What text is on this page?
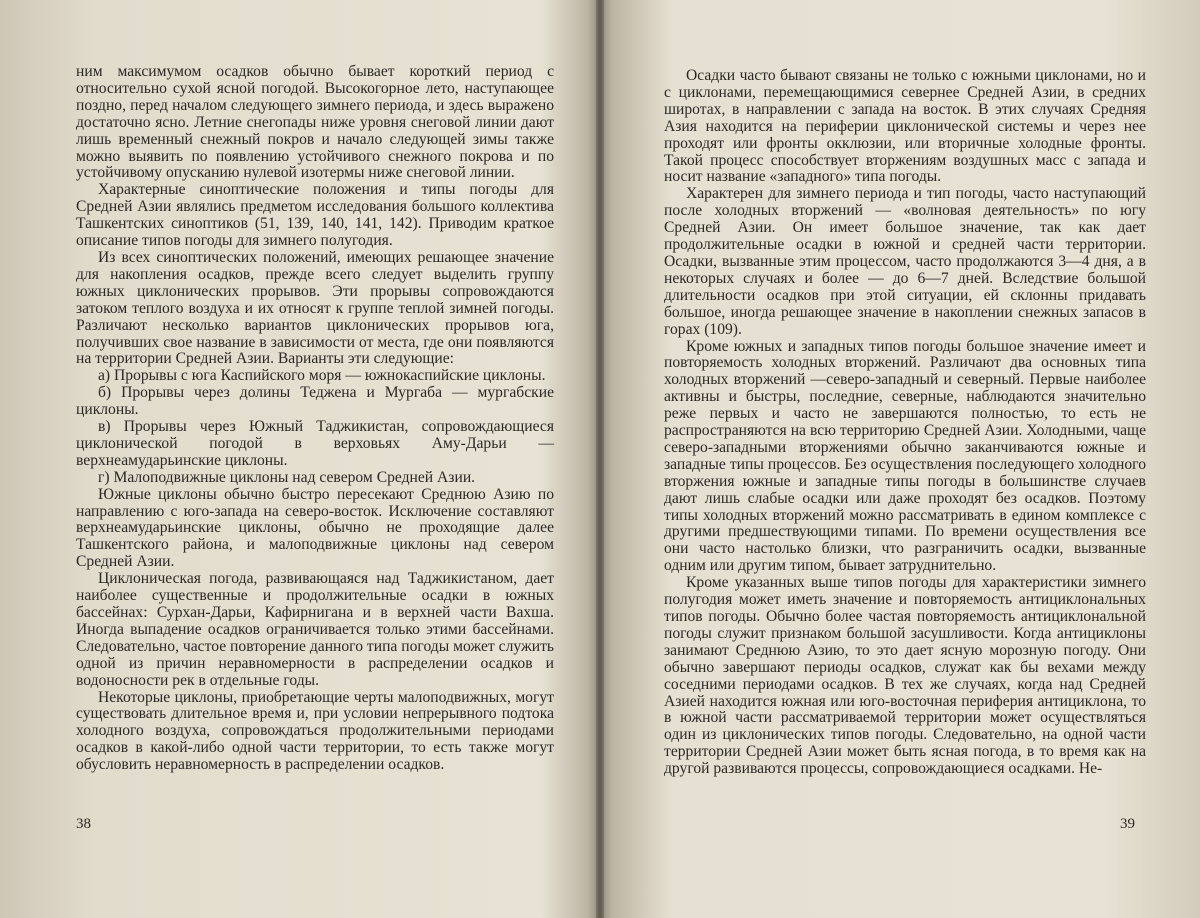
ним максимумом осадков обычно бывает короткий период с относительно сухой ясной погодой. Высокогорное лето, наступающее поздно, перед началом следующего зимнего периода, и здесь выражено достаточно ясно. Летние снегопады ниже уровня снеговой линии дают лишь временный снежный покров и начало следующей зимы также можно выявить по появлению устойчивого снежного покрова и по устойчивому опусканию нулевой изотермы ниже снеговой линии.

Характерные синоптические положения и типы погоды для Средней Азии являлись предметом исследования большого коллектива Ташкентских синоптиков (51, 139, 140, 141, 142). Приводим краткое описание типов погоды для зимнего полугодия.

Из всех синоптических положений, имеющих решающее значение для накопления осадков, прежде всего следует выделить группу южных циклонических прорывов. Эти прорывы сопровождаются затоком теплого воздуха и их относят к группе теплой зимней погоды. Различают несколько вариантов циклонических прорывов юга, получивших свое название в зависимости от места, где они появляются на территории Средней Азии. Варианты эти следующие:

а) Прорывы с юга Каспийского моря — южнокаспийские циклоны.

б) Прорывы через долины Теджена и Мургаба — мургабские циклоны.

в) Прорывы через Южный Таджикистан, сопровождающиеся циклонической погодой в верховьях Аму-Дарьи — верхнеамударьинские циклоны.

г) Малоподвижные циклоны над севером Средней Азии.

Южные циклоны обычно быстро пересекают Среднюю Азию по направлению с юго-запада на северо-восток. Исключение составляют верхнеамударьинские циклоны, обычно не проходящие далее Ташкентского района, и малоподвижные циклоны над севером Средней Азии.

Циклоническая погода, развивающаяся над Таджикистаном, дает наиболее существенные и продолжительные осадки в южных бассейнах: Сурхан-Дарьи, Кафирнигана и в верхней части Вахша. Иногда выпадение осадков ограничивается только этими бассейнами. Следовательно, частое повторение данного типа погоды может служить одной из причин неравномерности в распределении осадков и водоносности рек в отдельные годы.

Некоторые циклоны, приобретающие черты малоподвижных, могут существовать длительное время и, при условии непрерывного подтока холодного воздуха, сопровождаться продолжительными периодами осадков в какой-либо одной части территории, то есть также могут обусловить неравномерность в распределении осадков.

38

Осадки часто бывают связаны не только с южными циклонами, но и с циклонами, перемещающимися севернее Средней Азии, в средних широтах, в направлении с запада на восток. В этих случаях Средняя Азия находится на периферии циклонической системы и через нее проходят или фронты окклюзии, или вторичные холодные фронты. Такой процесс способствует вторжениям воздушных масс с запада и носит название «западного» типа погоды.

Характерен для зимнего периода и тип погоды, часто наступающий после холодных вторжений — «волновая деятельность» по югу Средней Азии. Он имеет большое значение, так как дает продолжительные осадки в южной и средней части территории. Осадки, вызванные этим процессом, часто продолжаются 3—4 дня, а в некоторых случаях и более — до 6—7 дней. Вследствие большой длительности осадков при этой ситуации, ей склонны придавать большое, иногда решающее значение в накоплении снежных запасов в горах (109).

Кроме южных и западных типов погоды большое значение имеет и повторяемость холодных вторжений. Различают два основных типа холодных вторжений —северо-западный и северный. Первые наиболее активны и быстры, последние, северные, наблюдаются значительно реже первых и часто не завершаются полностью, то есть не распространяются на всю территорию Средней Азии. Холодными, чаще северо-западными вторжениями обычно заканчиваются южные и западные типы процессов. Без осуществления последующего холодного вторжения южные и западные типы погоды в большинстве случаев дают лишь слабые осадки или даже проходят без осадков. Поэтому типы холодных вторжений можно рассматривать в едином комплексе с другими предшествующими типами. По времени осуществления все они часто настолько близки, что разграничить осадки, вызванные одним или другим типом, бывает затруднительно.

Кроме указанных выше типов погоды для характеристики зимнего полугодия может иметь значение и повторяемость антициклональных типов погоды. Обычно более частая повторяемость антициклональной погоды служит признаком большой засушливости. Когда антициклоны занимают Среднюю Азию, то это дает ясную морозную погоду. Они обычно завершают периоды осадков, служат как бы вехами между соседними периодами осадков. В тех же случаях, когда над Средней Азией находится южная или юго-восточная периферия антициклона, то в южной части рассматриваемой территории может осуществляться один из циклонических типов погоды. Следовательно, на одной части территории Средней Азии может быть ясная погода, в то время как на другой развиваются процессы, сопровождающиеся осадками. Не-

39
